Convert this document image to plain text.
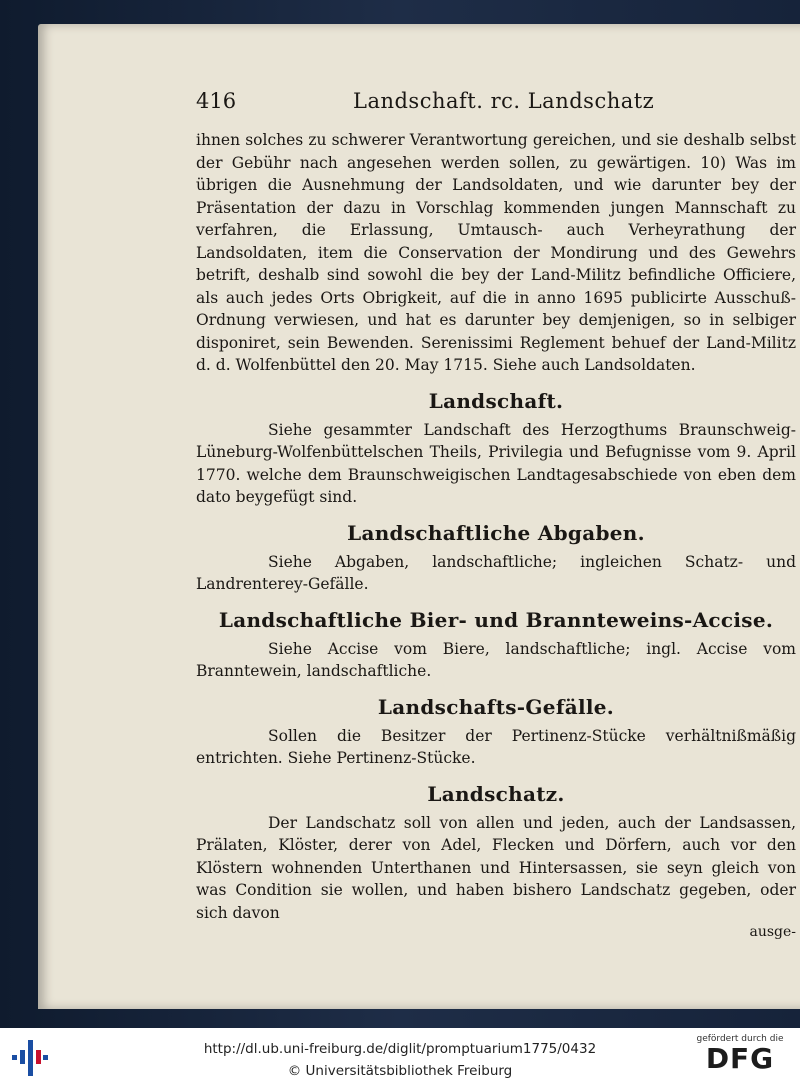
416	Landschaft. rc. Landschatz

ihnen solches zu schwerer Verantwortung gereichen, und sie deshalb selbst der Gebühr nach angesehen werden sollen, zu gewärtigen. 10) Was im übrigen die Ausnehmung der Landsoldaten, und wie darunter bey der Präsentation der dazu in Vorschlag kommenden jungen Mannschaft zu verfahren, die Erlassung, Umtausch- auch Verheyrathung der Landsoldaten, item die Conservation der Mondirung und des Gewehrs betrift, deshalb sind sowohl die bey der Land-Militz befindliche Officiere, als auch jedes Orts Obrigkeit, auf die in anno 1695 publicirte Ausschuß-Ordnung verwiesen, und hat es darunter bey demjenigen, so in selbiger disponiret, sein Bewenden. Serenissimi Reglement behuef der Land-Militz d. d. Wolfenbüttel den 20. May 1715. Siehe auch Landsoldaten.

Landschaft.

Siehe gesammter Landschaft des Herzogthums Braunschweig-Lüneburg-Wolfenbüttelschen Theils, Privilegia und Befugnisse vom 9. April 1770. welche dem Braunschweigischen Landtagesabschiede von eben dem dato beygefügt sind.

Landschaftliche Abgaben.

Siehe Abgaben, landschaftliche; ingleichen Schatz- und Landrenterey-Gefälle.

Landschaftliche Bier- und Brannteweins-Accise.

Siehe Accise vom Biere, landschaftliche; ingl. Accise vom Branntewein, landschaftliche.

Landschafts-Gefälle.

Sollen die Besitzer der Pertinenz-Stücke verhältnißmäßig entrichten. Siehe Pertinenz-Stücke.

Landschatz.

Der Landschatz soll von allen und jeden, auch der Landsassen, Prälaten, Klöster, derer von Adel, Flecken und Dörfern, auch vor den Klöstern wohnenden Unterthanen und Hintersassen, sie seyn gleich von was Condition sie wollen, und haben bishero Landschatz gegeben, oder sich davon

ausge-
http://dl.ub.uni-freiburg.de/diglit/promptuarium1775/0432
© Universitätsbibliothek Freiburg
gefördert durch die
DFG
